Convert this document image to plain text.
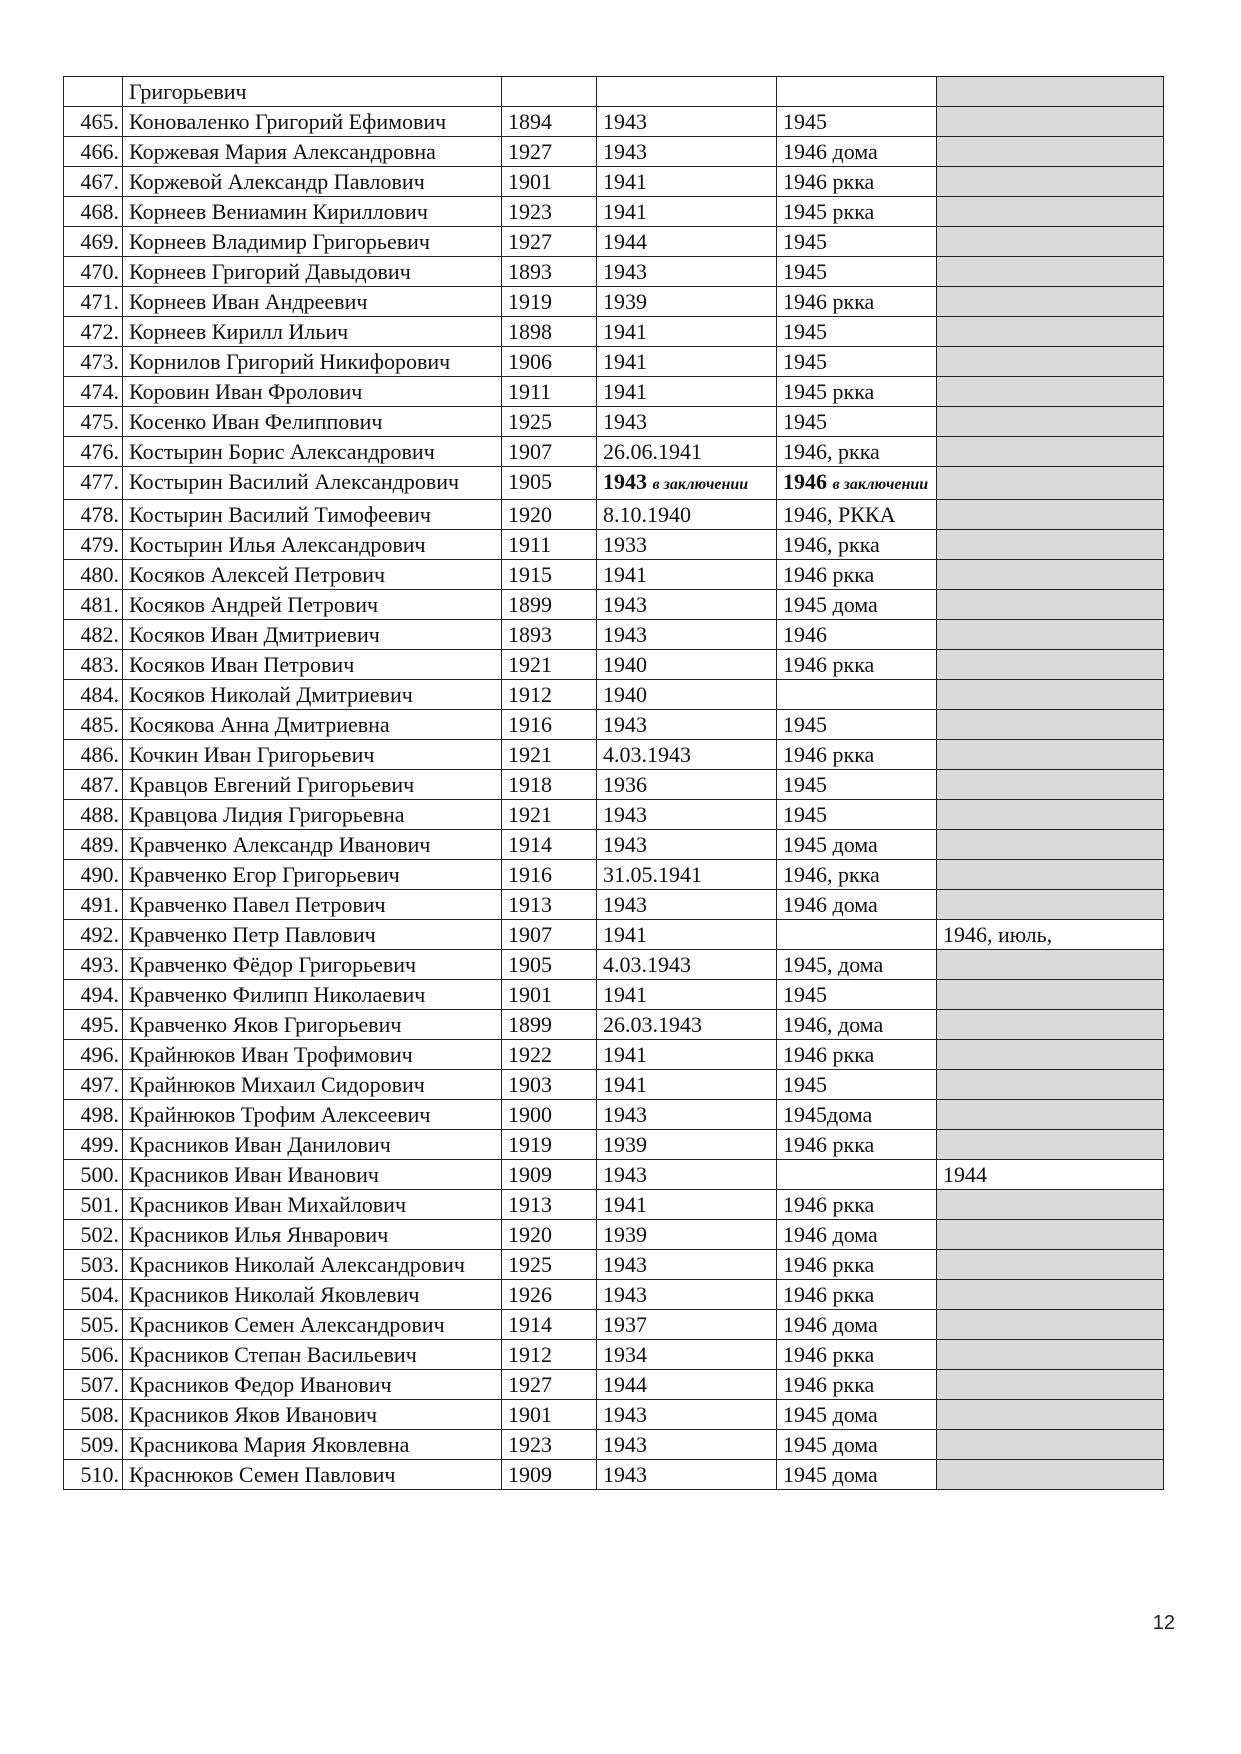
	Григорьевич				
465.	Коноваленко Григорий Ефимович	1894	1943	1945	
466.	Коржевая Мария Александровна	1927	1943	1946 дома	
467.	Коржевой Александр Павлович	1901	1941	1946 ркка	
468.	Корнеев Вениамин Кириллович	1923	1941	1945 ркка	
469.	Корнеев Владимир Григорьевич	1927	1944	1945	
470.	Корнеев Григорий Давыдович	1893	1943	1945	
471.	Корнеев Иван Андреевич	1919	1939	1946 ркка	
472.	Корнеев Кирилл Ильич	1898	1941	1945	
473.	Корнилов Григорий Никифорович	1906	1941	1945	
474.	Коровин Иван Фролович	1911	1941	1945 ркка	
475.	Косенко Иван Фелиппович	1925	1943	1945	
476.	Костырин Борис Александрович	1907	26.06.1941	1946, ркка	
477.	Костырин Василий Александрович	1905	1943 в заключении	1946 в заключении	
478.	Костырин Василий Тимофеевич	1920	8.10.1940	1946, РККА	
479.	Костырин Илья Александрович	1911	1933	1946, ркка	
480.	Косяков Алексей Петрович	1915	1941	1946 ркка	
481.	Косяков Андрей Петрович	1899	1943	1945 дома	
482.	Косяков Иван Дмитриевич	1893	1943	1946	
483.	Косяков Иван Петрович	1921	1940	1946 ркка	
484.	Косяков Николай Дмитриевич	1912	1940		
485.	Косякова Анна Дмитриевна	1916	1943	1945	
486.	Кочкин Иван Григорьевич	1921	4.03.1943	1946 ркка	
487.	Кравцов Евгений Григорьевич	1918	1936	1945	
488.	Кравцова Лидия Григорьевна	1921	1943	1945	
489.	Кравченко Александр Иванович	1914	1943	1945 дома	
490.	Кравченко Егор Григорьевич	1916	31.05.1941	1946, ркка	
491.	Кравченко Павел Петрович	1913	1943	1946 дома	
492.	Кравченко Петр Павлович	1907	1941		1946, июль,
493.	Кравченко Фёдор Григорьевич	1905	4.03.1943	1945, дома	
494.	Кравченко Филипп Николаевич	1901	1941	1945	
495.	Кравченко Яков Григорьевич	1899	26.03.1943	1946, дома	
496.	Крайнюков Иван Трофимович	1922	1941	1946 ркка	
497.	Крайнюков Михаил Сидорович	1903	1941	1945	
498.	Крайнюков Трофим Алексеевич	1900	1943	1945дома	
499.	Красников Иван Данилович	1919	1939	1946 ркка	
500.	Красников Иван Иванович	1909	1943		1944
501.	Красников Иван Михайлович	1913	1941	1946 ркка	
502.	Красников Илья Январович	1920	1939	1946 дома	
503.	Красников Николай Александрович	1925	1943	1946 ркка	
504.	Красников Николай Яковлевич	1926	1943	1946 ркка	
505.	Красников Семен Александрович	1914	1937	1946 дома	
506.	Красников Степан Васильевич	1912	1934	1946 ркка	
507.	Красников Федор Иванович	1927	1944	1946 ркка	
508.	Красников Яков Иванович	1901	1943	1945 дома	
509.	Красникова Мария Яковлевна	1923	1943	1945 дома	
510.	Краснюков Семен Павлович	1909	1943	1945 дома	
12
